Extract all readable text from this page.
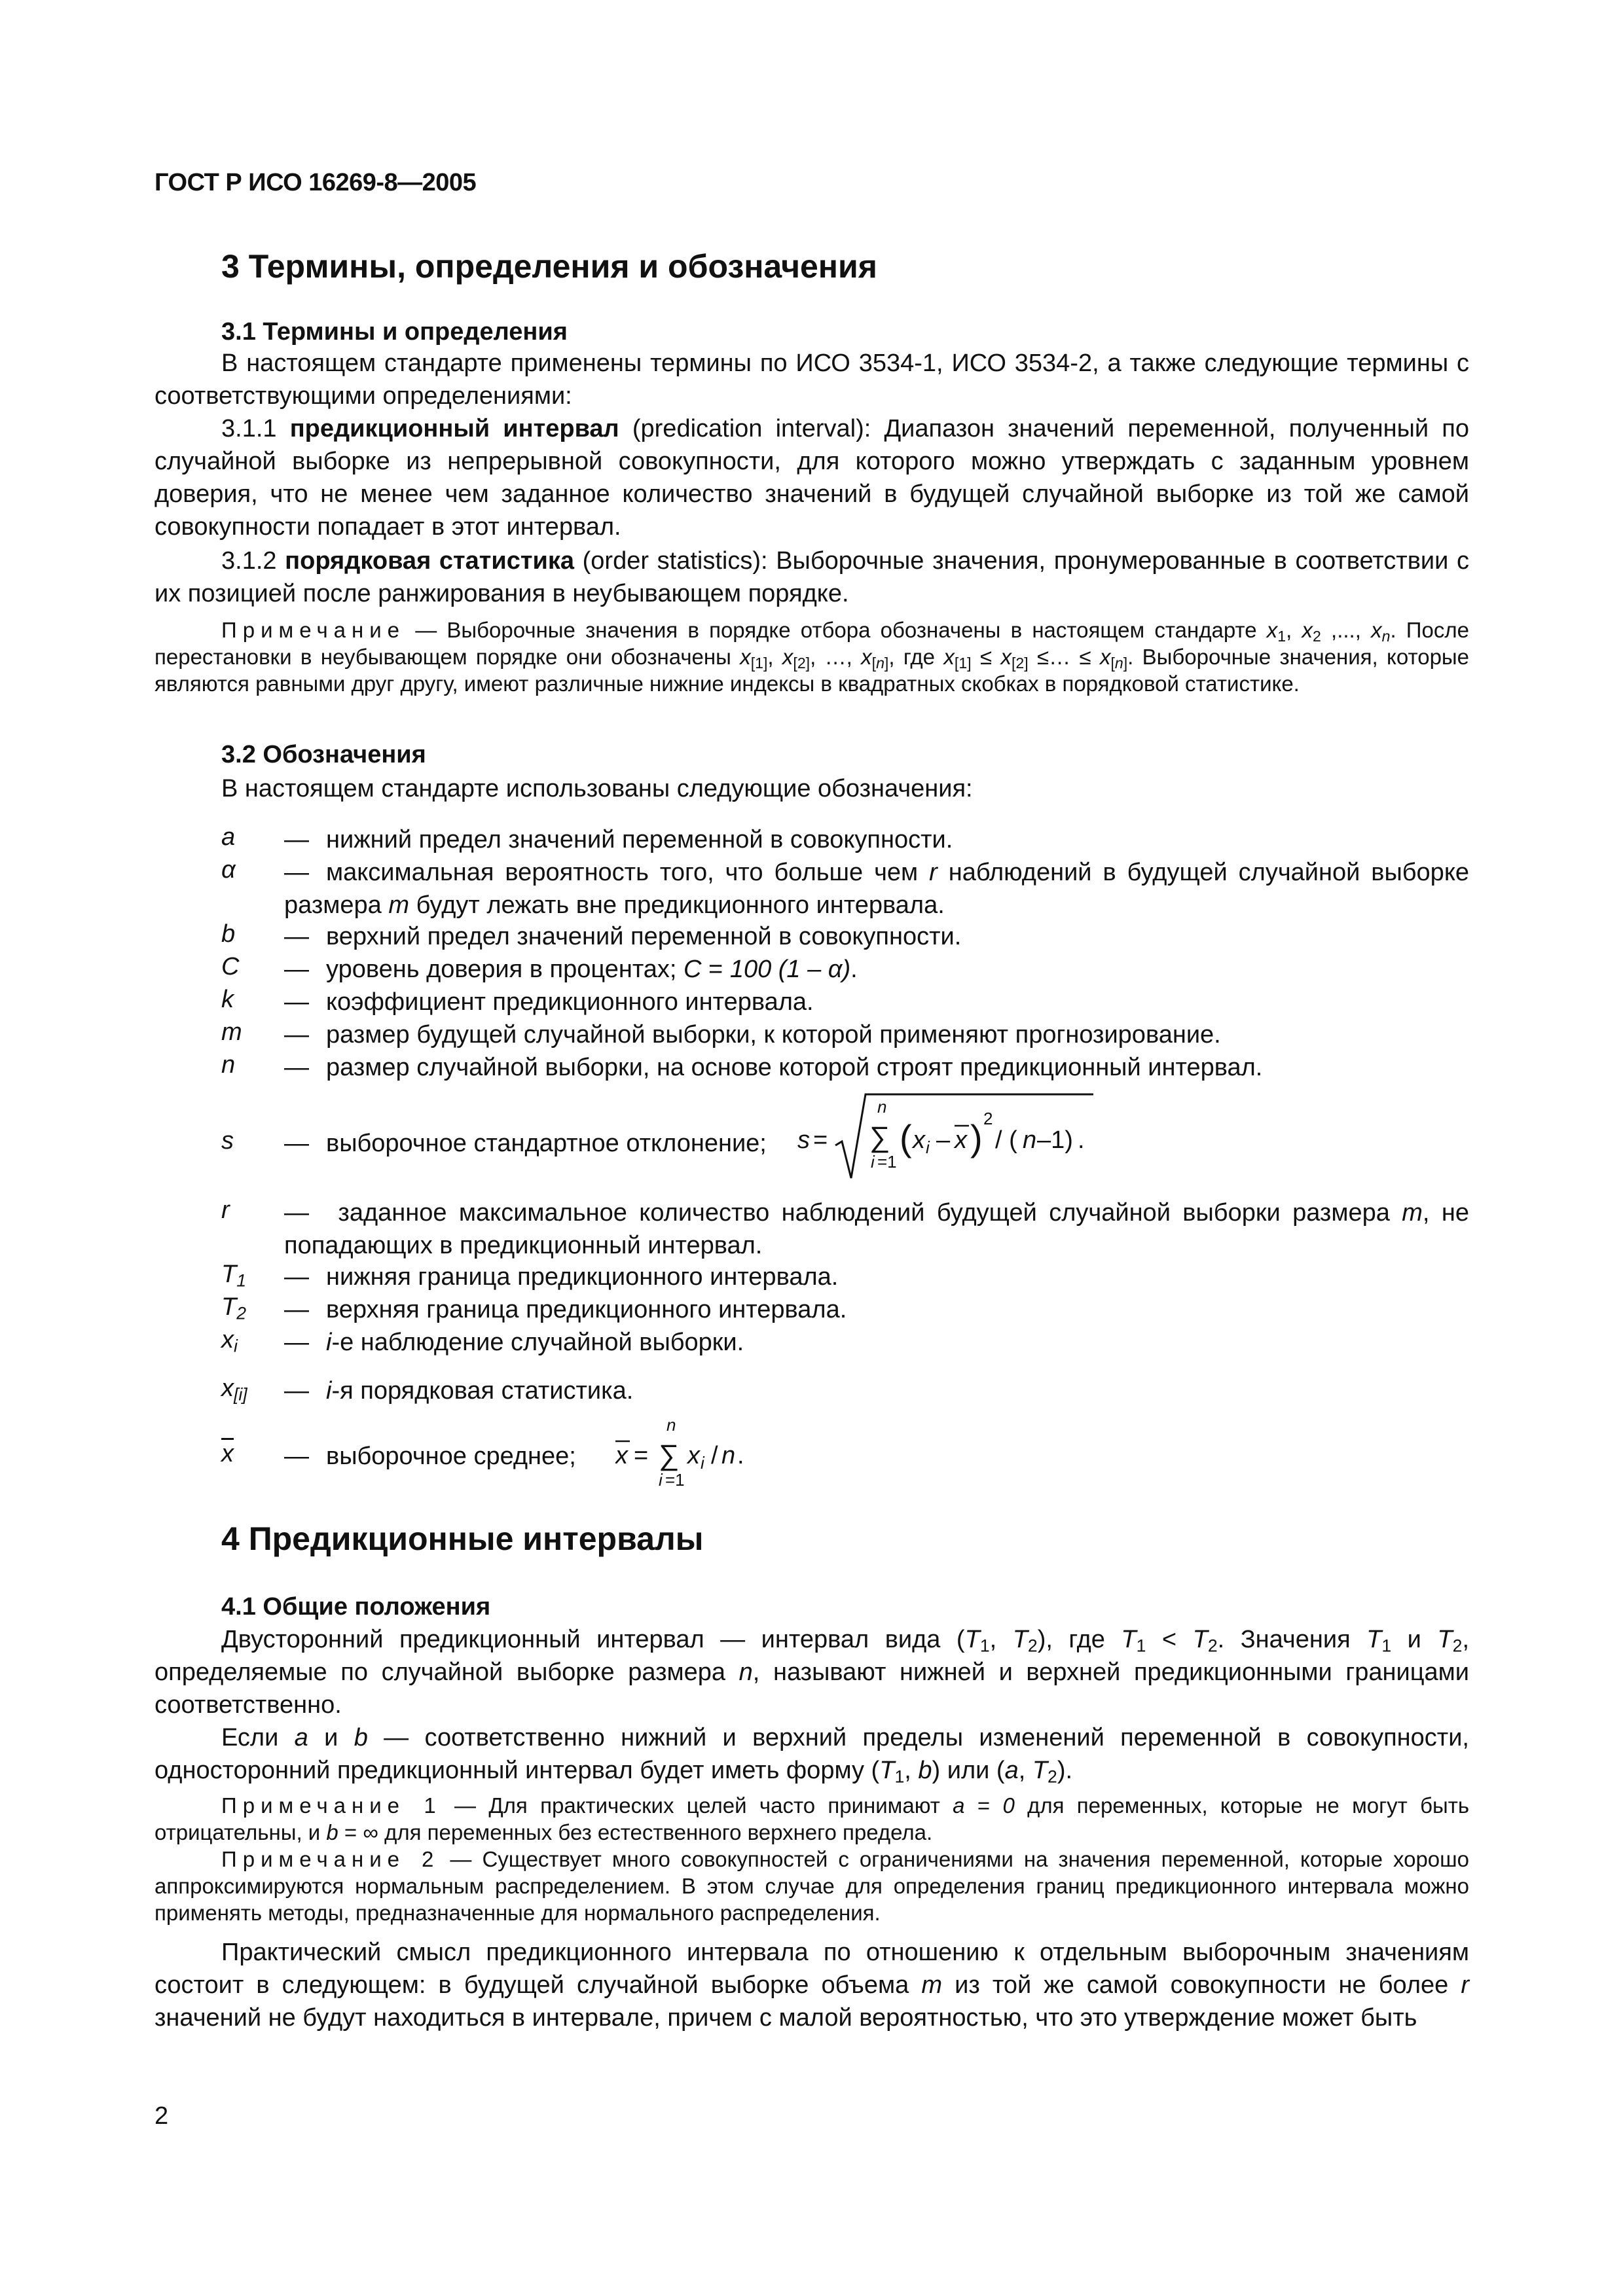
ГОСТ Р ИСО 16269-8—2005
3 Термины, определения и обозначения
3.1 Термины и определения
В настоящем стандарте применены термины по ИСО 3534-1, ИСО 3534-2, а также следующие термины с соответствующими определениями:
3.1.1 предикционный интервал (predication interval): Диапазон значений переменной, полученный по случайной выборке из непрерывной совокупности, для которого можно утверждать с заданным уровнем доверия, что не менее чем заданное количество значений в будущей случайной выборке из той же самой совокупности попадает в этот интервал.
3.1.2 порядковая статистика (order statistics): Выборочные значения, пронумерованные в соответствии с их позицией после ранжирования в неубывающем порядке.
Примечание — Выборочные значения в порядке отбора обозначены в настоящем стандарте $x_1$, $x_2$ ,..., $x_n$. После перестановки в неубывающем порядке они обозначены $x_{[1]}$, $x_{[2]}$, …, $x_{[n]}$, где $x_{[1]} \le x_{[2]}$ ≤… ≤ $x_{[n]}$. Выборочные значения, которые являются равными друг другу, имеют различные нижние индексы в квадратных скобках в порядковой статистике.
3.2 Обозначения
В настоящем стандарте использованы следующие обозначения:
a — нижний предел значений переменной в совокупности.
α — максимальная вероятность того, что больше чем r наблюдений в будущей случайной выборке размера m будут лежать вне предикционного интервала.
b — верхний предел значений переменной в совокупности.
C — уровень доверия в процентах; C = 100 (1 – α).
k — коэффициент предикционного интервала.
m — размер будущей случайной выборки, к которой применяют прогнозирование.
n — размер случайной выборки, на основе которой строят предикционный интервал.
s — выборочное стандартное отклонение;	s =
n
∑
i =1
( x i – x ) 2
/ ( n –1) .
r — заданное максимальное количество наблюдений будущей случайной выборки размера m, не попадающих в предикционный интервал.
$T_1$ — нижняя граница предикционного интервала.
$T_2$ — верхняя граница предикционного интервала.
$x_i$ — i-е наблюдение случайной выборки.
$x_{[i]}$ — i-я порядковая статистика.
$\overline{x}$ — выборочное среднее;	x =
n
∑
i =1
x i / n .
4 Предикционные интервалы
4.1 Общие положения
Двусторонний предикционный интервал — интервал вида ($T_1$, $T_2$), где $T_1 < T_2$. Значения $T_1$ и $T_2$, определяемые по случайной выборке размера n, называют нижней и верхней предикционными границами соответственно.
Если a и b — соответственно нижний и верхний пределы изменений переменной в совокупности, односторонний предикционный интервал будет иметь форму ($T_1$, b) или (a, $T_2$).
Примечание 1 — Для практических целей часто принимают a = 0 для переменных, которые не могут быть отрицательны, и b = ∞ для переменных без естественного верхнего предела.
Примечание 2 — Существует много совокупностей с ограничениями на значения переменной, которые хорошо аппроксимируются нормальным распределением. В этом случае для определения границ предикционного интервала можно применять методы, предназначенные для нормального распределения.
Практический смысл предикционного интервала по отношению к отдельным выборочным значениям состоит в следующем: в будущей случайной выборке объема m из той же самой совокупности не более r значений не будут находиться в интервале, причем с малой вероятностью, что это утверждение может быть
2
